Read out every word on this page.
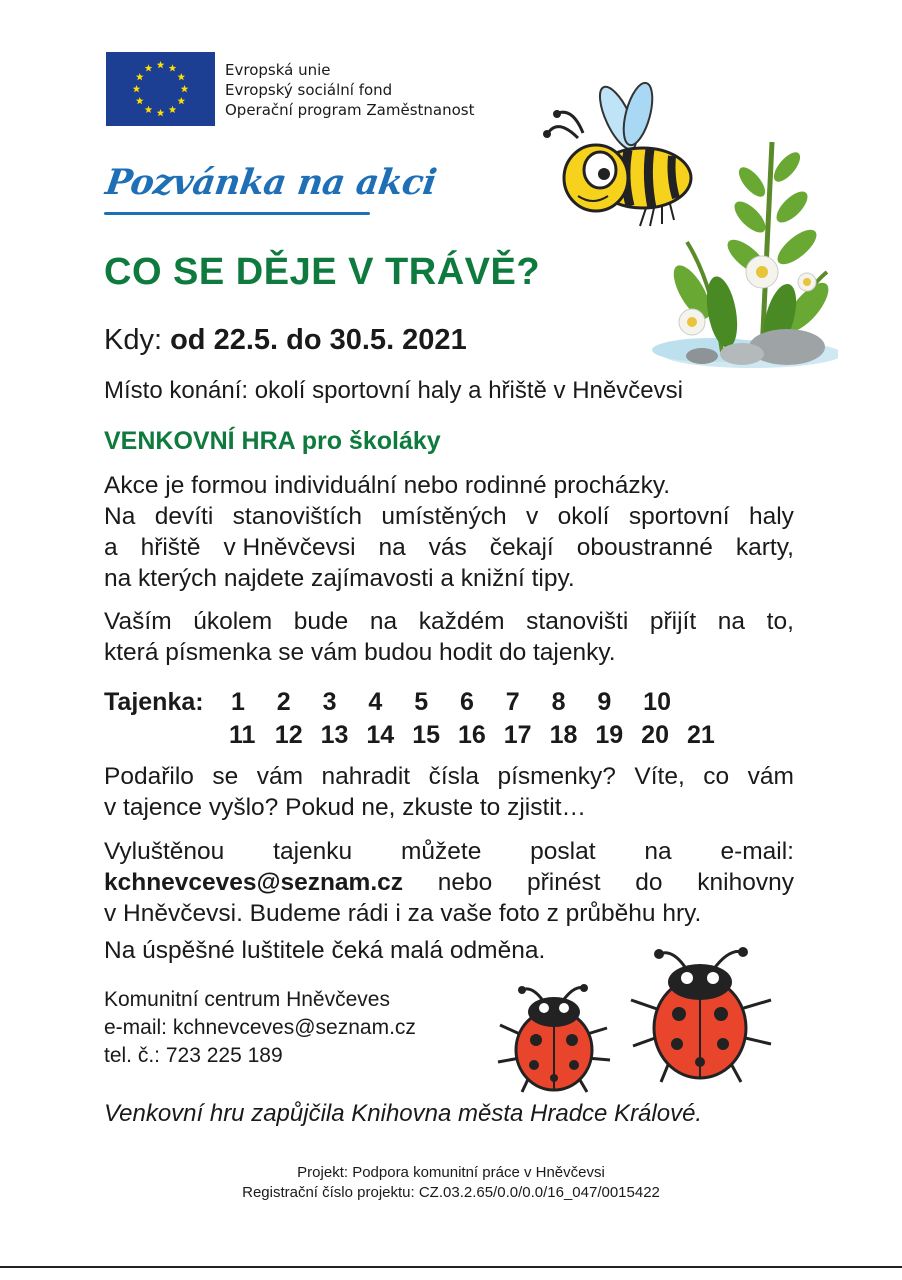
Evropská unie
Evropský sociální fond
Operační program Zaměstnanost
Pozvánka na akci
CO SE DĚJE V TRÁVĚ?
Kdy: od 22.5. do 30.5. 2021
Místo konání: okolí sportovní haly a hřiště v Hněvčevsi
VENKOVNÍ HRA pro školáky
Akce je formou individuální nebo rodinné procházky.
Na devíti stanovištích umístěných v okolí sportovní haly
a hřiště v Hněvčevsi na vás čekají oboustranné karty,
na kterých najdete zajímavosti a knižní tipy.
Vaším úkolem bude na každém stanovišti přijít na to,
která písmenka se vám budou hodit do tajenky.
Tajenka: 1	2	3	4	5	6	7	8	9	10
11 12 13 14 15 16 17 18 19 20 21
Podařilo se vám nahradit čísla písmenky? Víte, co vám
v tajence vyšlo? Pokud ne, zkuste to zjistit…
Vyluštěnou tajenku můžete poslat na e-mail:
kchnevceves@seznam.cz nebo přinést do knihovny
v Hněvčevsi. Budeme rádi i za vaše foto z průběhu hry.
Na úspěšné luštitele čeká malá odměna.
Komunitní centrum Hněvčeves
e-mail: kchnevceves@seznam.cz
tel. č.: 723 225 189
Venkovní hru zapůjčila Knihovna města Hradce Králové.
Projekt: Podpora komunitní práce v Hněvčevsi
Registrační číslo projektu: CZ.03.2.65/0.0/0.0/16_047/0015422
